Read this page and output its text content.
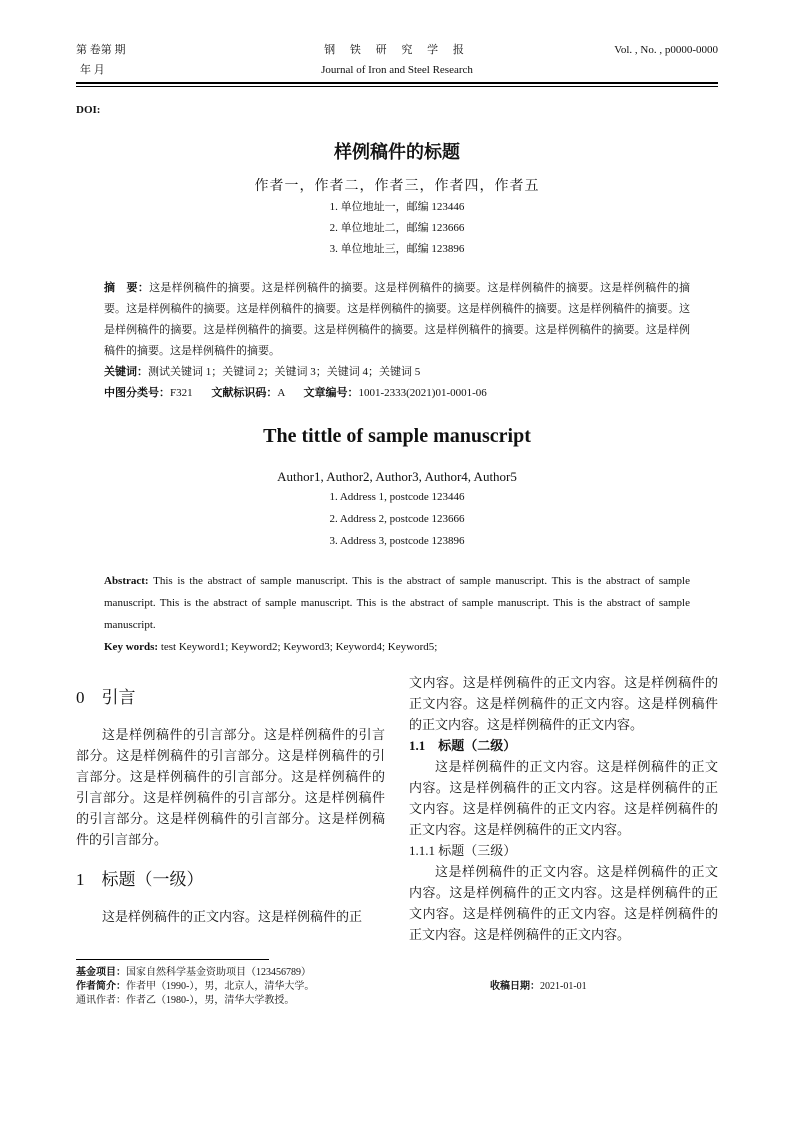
第 卷第 期
年 月
钢 铁 研 究 学 报
Journal of Iron and Steel Research
Vol. , No. , p0000-0000
DOI:
样例稿件的标题
作者一，作者二，作者三，作者四，作者五
1. 单位地址一，邮编 123446
2. 单位地址二，邮编 123666
3. 单位地址三，邮编 123896
摘　要：这是样例稿件的摘要。这是样例稿件的摘要。这是样例稿件的摘要。这是样例稿件的摘要。这是样例稿件的摘要。这是样例稿件的摘要。这是样例稿件的摘要。这是样例稿件的摘要。这是样例稿件的摘要。这是样例稿件的摘要。这是样例稿件的摘要。这是样例稿件的摘要。这是样例稿件的摘要。这是样例稿件的摘要。这是样例稿件的摘要。这是样例稿件的摘要。这是样例稿件的摘要。
关键词：测试关键词 1；关键词 2；关键词 3；关键词 4；关键词 5
中图分类号：F321 文献标识码：A 文章编号：1001-2333(2021)01-0001-06
The tittle of sample manuscript
Author1, Author2, Author3, Author4, Author5
1. Address 1, postcode 123446
2. Address 2, postcode 123666
3. Address 3, postcode 123896
Abstract: This is the abstract of sample manuscript. This is the abstract of sample manuscript. This is the abstract of sample manuscript. This is the abstract of sample manuscript. This is the abstract of sample manuscript. This is the abstract of sample manuscript.
Key words: test Keyword1; Keyword2; Keyword3; Keyword4; Keyword5;
0　引言

这是样例稿件的引言部分。这是样例稿件的引言部分。这是样例稿件的引言部分。这是样例稿件的引言部分。这是样例稿件的引言部分。这是样例稿件的引言部分。这是样例稿件的引言部分。这是样例稿件的引言部分。这是样例稿件的引言部分。这是样例稿件的引言部分。

1　标题（一级）

这是样例稿件的正文内容。这是样例稿件的正

文内容。这是样例稿件的正文内容。这是样例稿件的正文内容。这是样例稿件的正文内容。这是样例稿件的正文内容。这是样例稿件的正文内容。

1.1　标题（二级）

这是样例稿件的正文内容。这是样例稿件的正文内容。这是样例稿件的正文内容。这是样例稿件的正文内容。这是样例稿件的正文内容。这是样例稿件的正文内容。这是样例稿件的正文内容。

1.1.1 标题（三级）

这是样例稿件的正文内容。这是样例稿件的正文内容。这是样例稿件的正文内容。这是样例稿件的正文内容。这是样例稿件的正文内容。这是样例稿件的正文内容。这是样例稿件的正文内容。

基金项目：国家自然科学基金资助项目（123456789）
作者简介：作者甲（1990-），男，北京人，清华大学。
通讯作者：作者乙（1980-），男，清华大学教授。
收稿日期：2021-01-01
